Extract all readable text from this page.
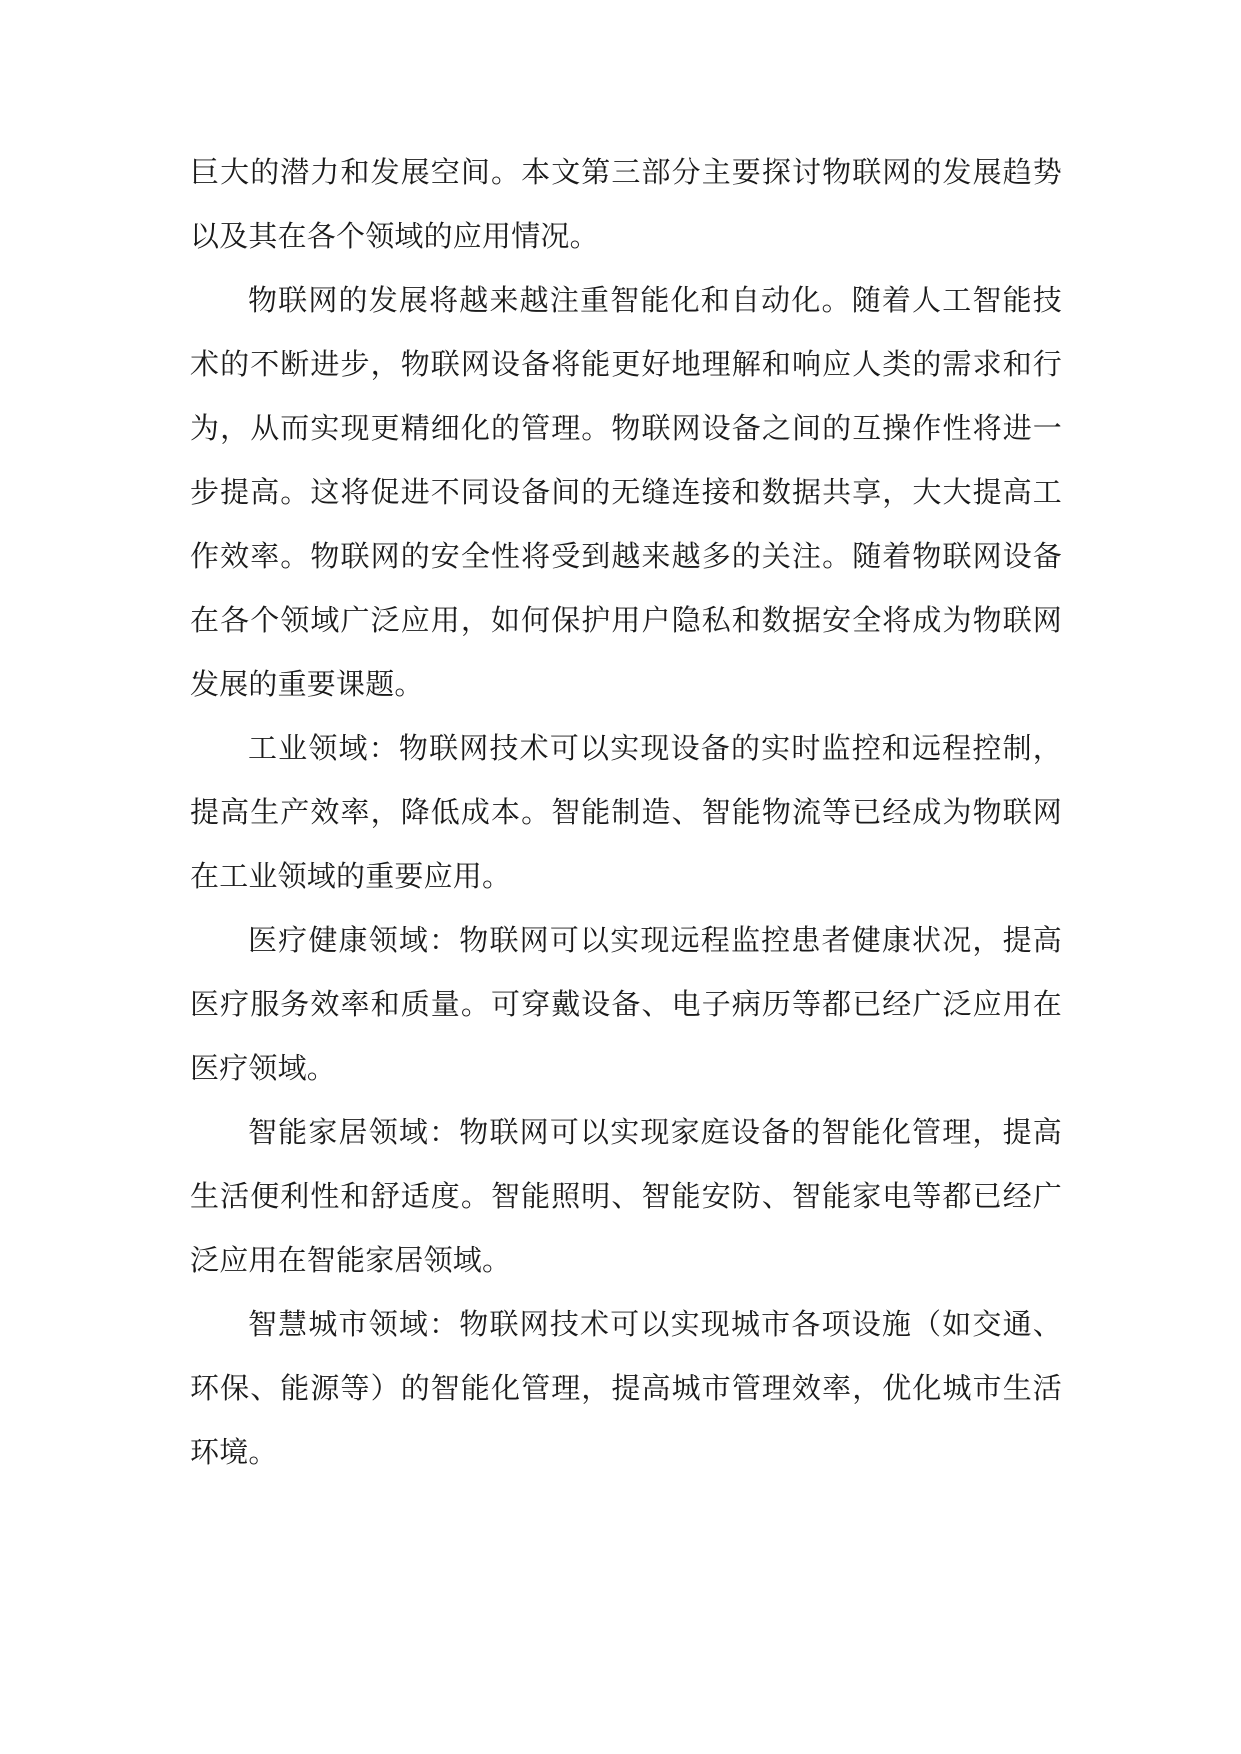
巨大的潜力和发展空间。本文第三部分主要探讨物联网的发展趋势以及其在各个领域的应用情况。

物联网的发展将越来越注重智能化和自动化。随着人工智能技术的不断进步，物联网设备将能更好地理解和响应人类的需求和行为，从而实现更精细化的管理。物联网设备之间的互操作性将进一步提高。这将促进不同设备间的无缝连接和数据共享，大大提高工作效率。物联网的安全性将受到越来越多的关注。随着物联网设备在各个领域广泛应用，如何保护用户隐私和数据安全将成为物联网发展的重要课题。

工业领域：物联网技术可以实现设备的实时监控和远程控制，提高生产效率，降低成本。智能制造、智能物流等已经成为物联网在工业领域的重要应用。

医疗健康领域：物联网可以实现远程监控患者健康状况，提高医疗服务效率和质量。可穿戴设备、电子病历等都已经广泛应用在医疗领域。

智能家居领域：物联网可以实现家庭设备的智能化管理，提高生活便利性和舒适度。智能照明、智能安防、智能家电等都已经广泛应用在智能家居领域。

智慧城市领域：物联网技术可以实现城市各项设施（如交通、环保、能源等）的智能化管理，提高城市管理效率，优化城市生活环境。
